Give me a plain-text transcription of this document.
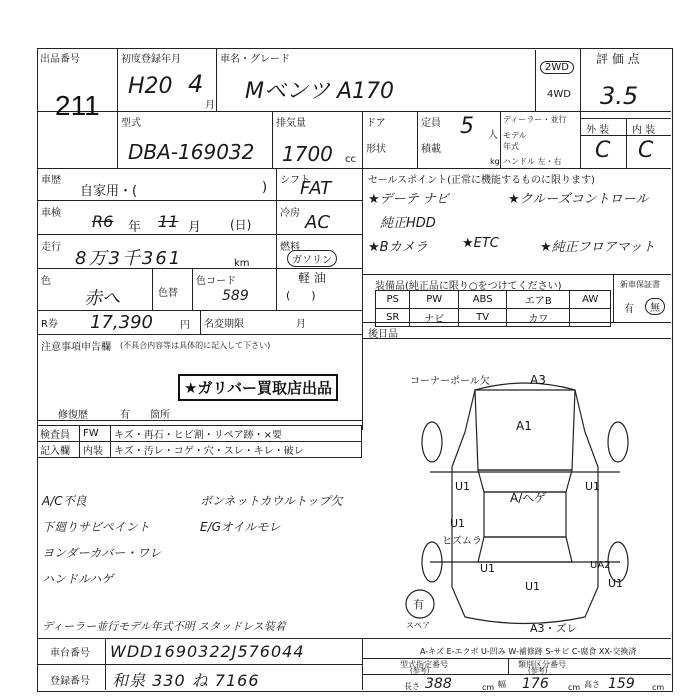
出品番号
211
初度登録年月
H20 4
月
車名・グレード
Mベンツ A170
2WD
4WD
評 価 点
3.5
外 装 内 装
C C
型式
DBA-169032
排気量
1700 cc
ドア
形状
定員 5 人
積載
kg
ディーラー・並行
モデル年式
ハンドル 左・右
車歴
自家用・(	) シフト
FAT
車検 R6 年 11 月 (日)
冷房 AC
走行
8万3千361	km
燃料
ガソリン
軽 油
(      )
色
赤へ	色替
色コード
589
R券 17,390	円 名変期限	月
注意事項申告欄 (不具合内容等は具体的に記入して下さい)
★ガリバー買取店出品
修復歴	有 箇所
検査員	FW	キズ・再石・ヒビ割・リペア跡・×要
記入欄	内装	キズ・汚レ・コゲ・穴・スレ・キレ・破レ
セールスポイント(正常に機能するものに限ります)
★デーテ ナビ	★クルーズコントロール
純正HDD
★Bカメラ	★ETC	★純正フロアマット
装備品(純正品に限り○をつけてください)	新車保証書
有	無
PS	PW	ABS	エアB	AW
SR	ナビ	TV	カワ	
後日品
コーナーポール欠	A3
A1
U1	U1
A/へゲ
U1
ヒズムラ
U1
U1	U1
UA2
A3・ズレ
有
スペア
A-キズ E-エクボ U-凹み W-補修跡 S-サビ C-腐食 XX-交換済
A/C不良	ボンネットカウルトップ欠
下廻りサビペイント	E/Gオイルモレ
ヨンダーカバー・ワレ
ハンドルハゲ
ディーラー並行モデル年式不明 スタッドレス装着
車台番号 WDD1690322J576044
登録番号 和泉 330 ね 7166
型式指定番号
(参考)
類別区分番号
(参考)
長さ 388	cm 幅 176 cm 高さ 159 cm
